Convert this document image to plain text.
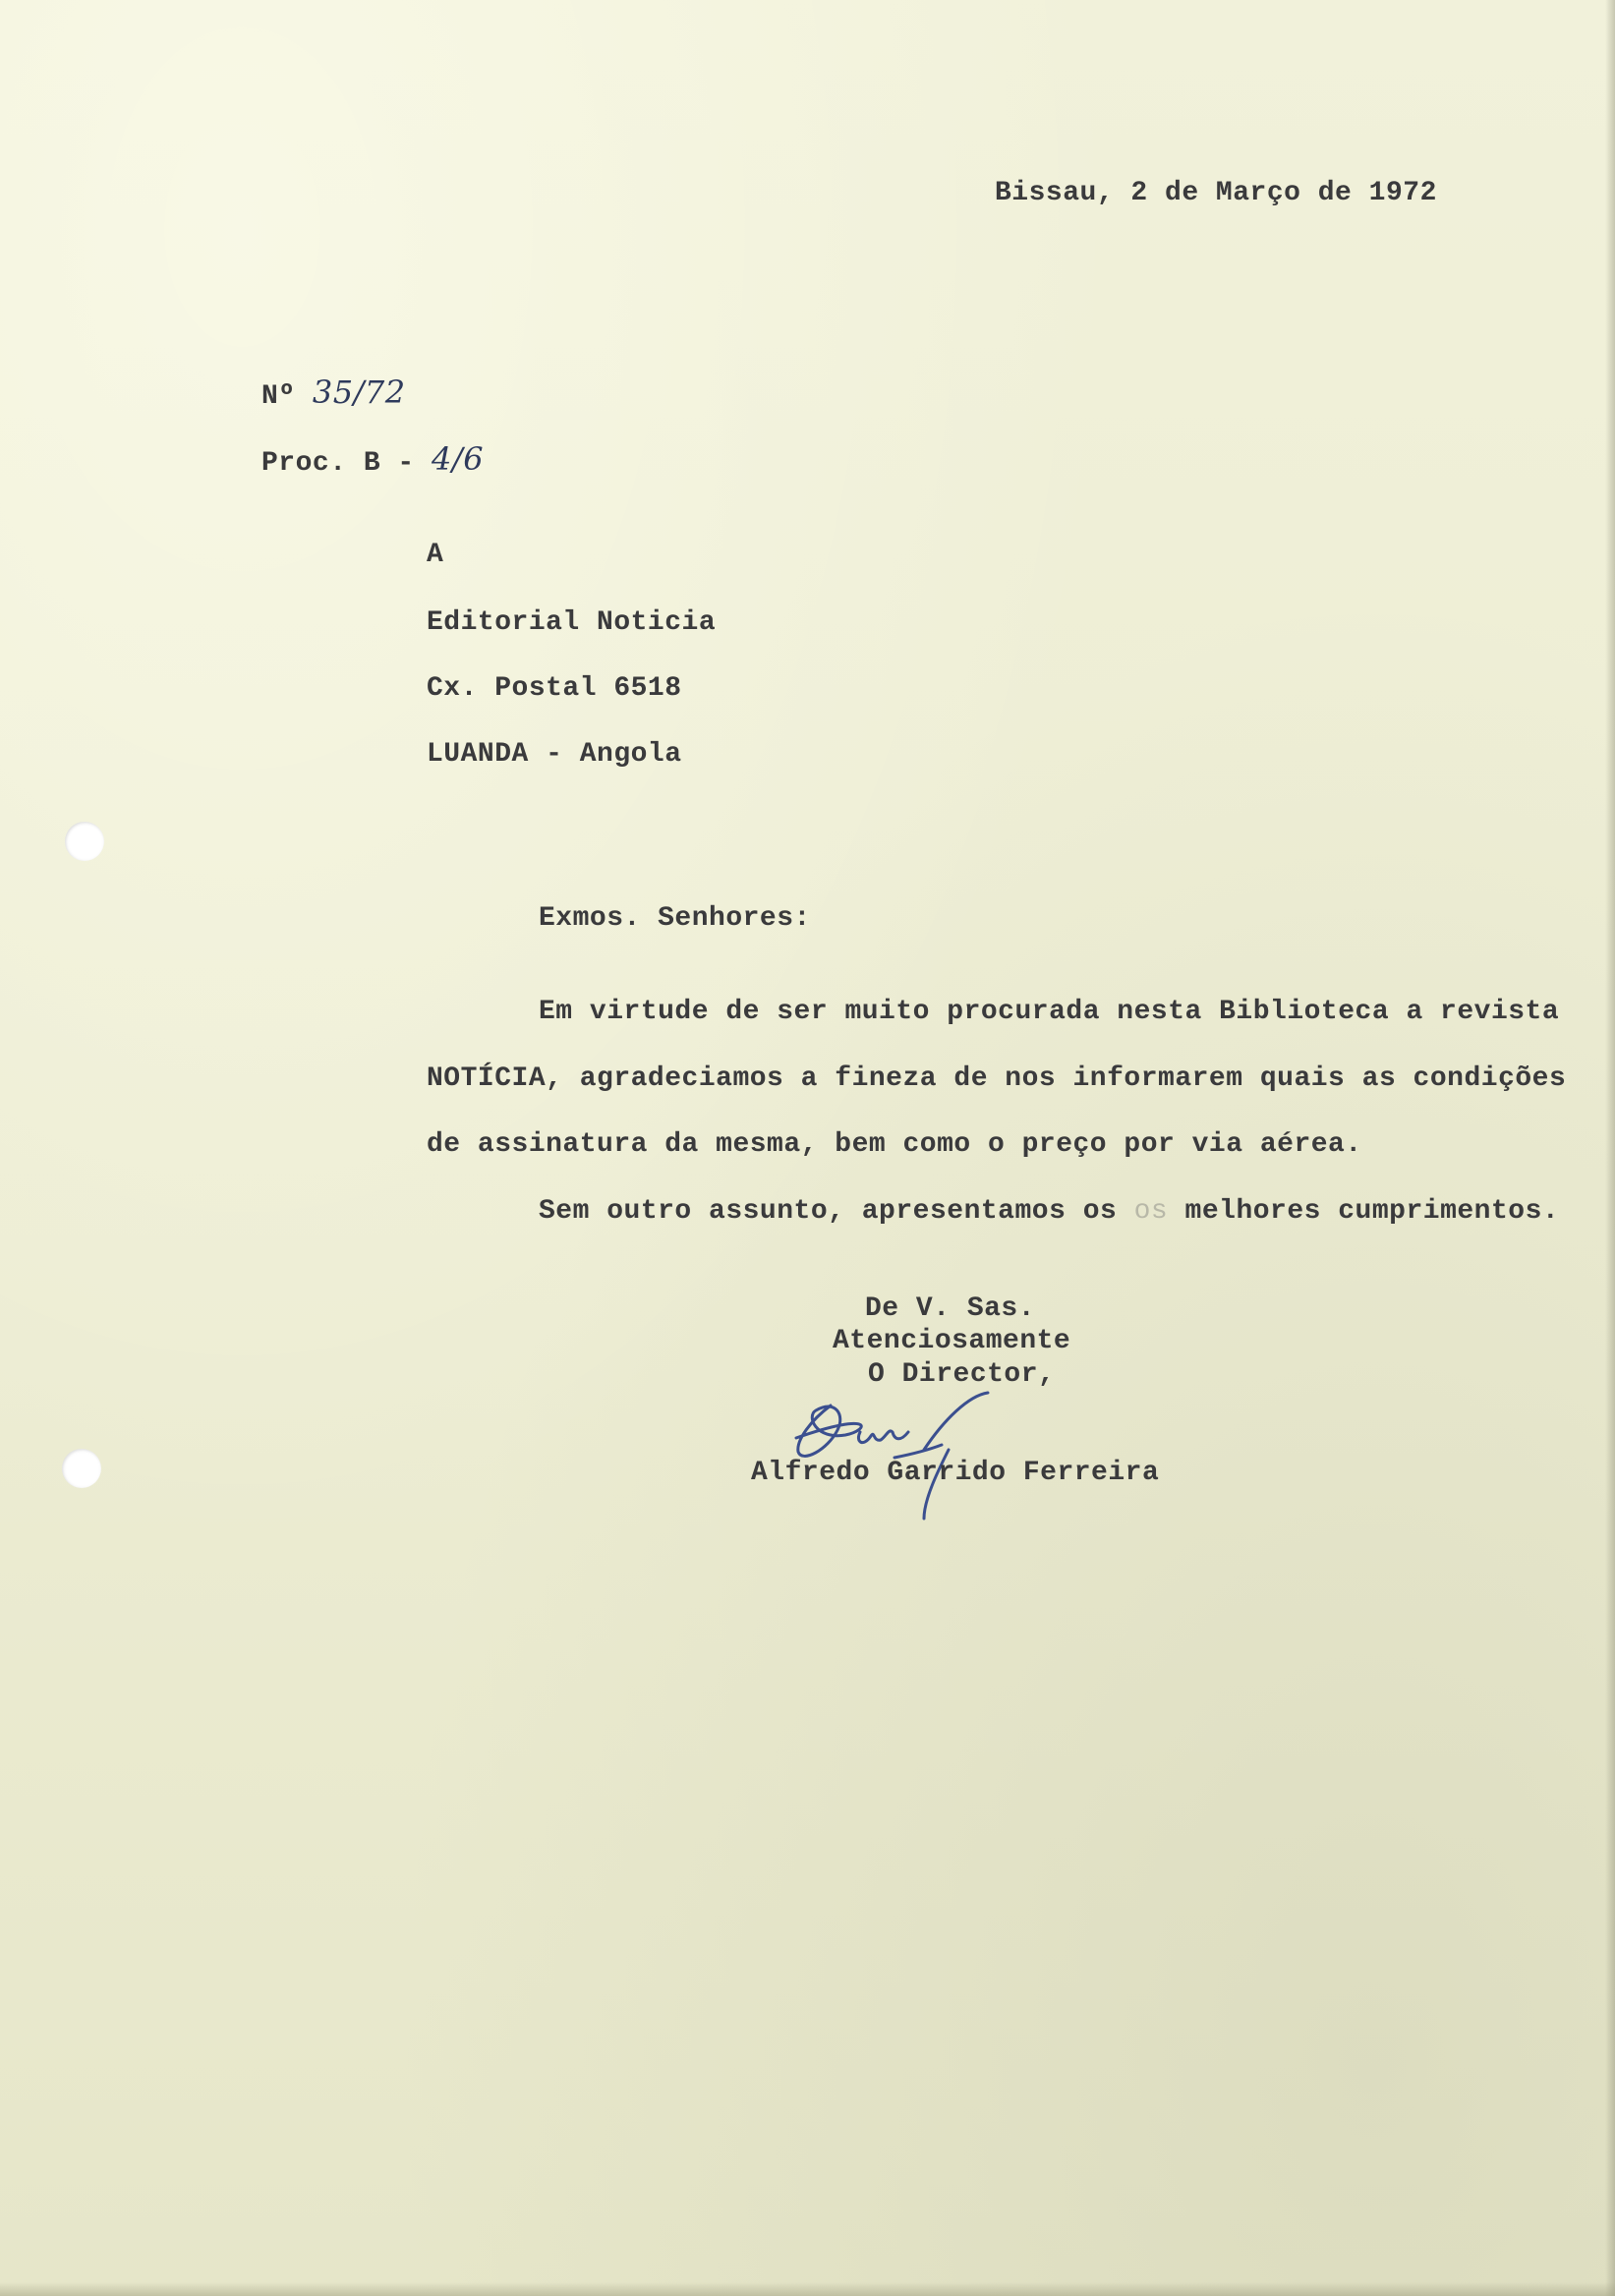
Bissau, 2 de Março de 1972
Nº 35/72
Proc. B - 4/6
A
Editorial Noticia
Cx. Postal 6518
LUANDA - Angola
Exmos. Senhores:
Em virtude de ser muito procurada nesta Biblioteca a revista
NOTÍCIA, agradeciamos a fineza de nos informarem quais as condições
de assinatura da mesma, bem como o preço por via aérea.
Sem outro assunto, apresentamos os os melhores cumprimentos.
De V. Sas.
Atenciosamente
O Director,
Alfredo Garrido Ferreira
